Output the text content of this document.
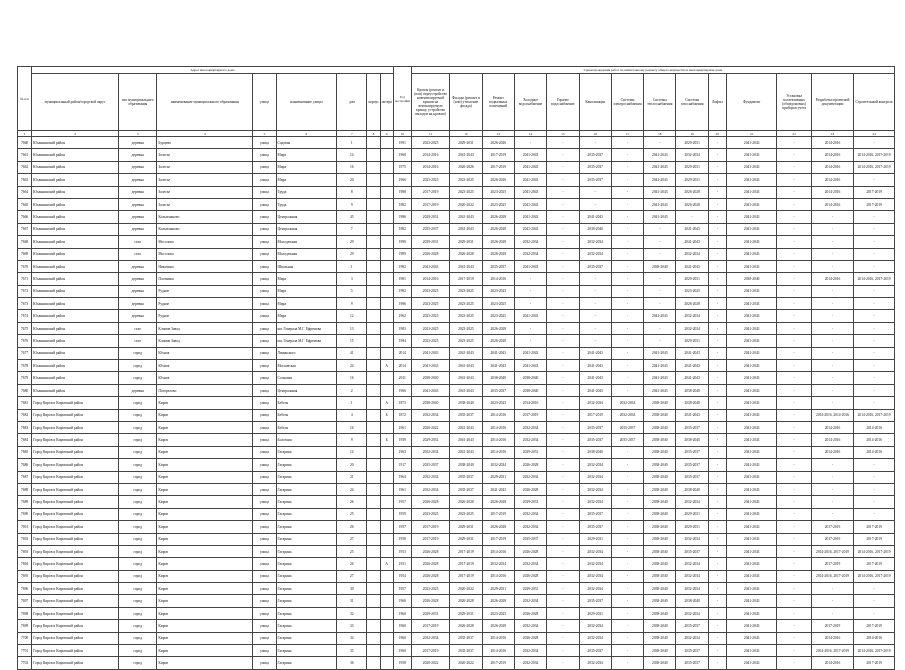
№ п/п	Адрес многоквартирного дома								Год постройки	Сроки проведения работ по капитальному ремонту общего имущества в многоквартирном доме													
	муниципальный район/городской округ	тип муниципального образования	наименование муниципального образования	улица	наименование улицы	дом	корпус	литера		Кровля (ремонт и (или) переустройство невентилируемой крыши на вентилируемую крышу, устройство выходов на кровлю)	Фасады (ремонт и (или) утепление фасада)	Ремонт подвальных помещений	Холодное водоснабжение	Горячее водоснабжение	Канализация	Системы электроснабжения	Системы теплоснабжения	Системы газоснабжения	Лифты	Фундамент	Установка коллективных (общедомовых) приборов учета	Разработка проектной документации	Строительный контроль
1	2	3	4	5	6	7	8	9	10	11	12	13	14	15	16	17	18	19	20	21	22	23	24
7660	Юханнинский район	деревня	Бурцево	улица	Садовая	1			1991	2023-2025	2029-2031	2026-2026	-	-	-	-	-	2029-2031	-	2041-2043	-	2014-2016	-
7661	Юханнинский район	деревня	Залесье	улица	Мира	14			1968	2014-2016	2041-2043	2017-2019	2041-2043	-	2035-2037	-	2041-2043	2032-2034	-	2041-2043	-	2014-2016	2014-2016, 2017-2019
7662	Юханнинский район	деревня	Залесье	улица	Мира	16			1975	2014-2016	2026-2026	2017-2019	2041-2043	-	2035-2037	-	2041-2043	2029-2031	-	2041-2043	-	2014-2016	2014-2016, 2017-2019
7663	Юханнинский район	деревня	Залесье	улица	Мира	20			1966	2023-2025	2023-2025	2026-2026	2041-2043	-	2035-2037	-	2041-2043	2029-2031	-	2041-2043	-	2014-2016	-
7664	Юханнинский район	деревня	Залесье	улица	Труда	8			1988	2017-2019	2023-2025	2023-2025	2041-2043	-	-	-	2041-2043	2026-2028	-	2041-2043	-	2014-2016	2017-2019
7665	Юханнинский район	деревня	Залесье	улица	Труда	9			1982	2017-2019	2020-2022	2023-2025	2041-2043	-	-	-	2041-2043	2026-2028	-	2041-2043	-	2014-2016	2017-2019
7666	Юханнинский район	деревня	Колыхманово	улица	Центральная	45			1986	2029-2031	2041-2043	2026-2028	2041-2043	-	2041-2043	-	2041-2043	-	-	2041-2043	-	-	-
7667	Юханнинский район	деревня	Колыхманово	улица	Центральная	7			1982	2035-2037	2041-2043	2026-2028	2041-2043	-	2038-2040	-	-	2041-2043	-	2041-2043	-	-	-
7668	Юханнинский район	село	Мосолово	улица	Молодежная	29			1990	2029-2031	2029-2031	2026-2028	2032-2034	-	2032-2034	-	-	2041-2043	-	2041-2043	-	-	-
7669	Юханнинский район	село	Мосолово	улица	Молодежная	29			1989	2026-2028	2026-2028	2026-2028	2032-2034	-	2032-2034	-	-	2032-2034	-	2041-2043	-	-	-
7670	Юханнинский район	деревня	Никитино	улица	Школьная	1			1982	2041-2043	2041-2043	2035-2037	2041-2043	-	2035-2037	-	2038-2040	2041-2043	-	2041-2043	-	-	-
7671	Юханнинский район	деревня	Плотники	улица	Мира	3			1981	2014-2016	2017-2019	2014-2016	-	-	-	-	-	2029-2031	-	2038-2040	-	2014-2016	2014-2016, 2017-2019
7672	Юханнинский район	деревня	Рудное	улица	Мира	5			1982	2023-2025	2023-2025	2023-2025	-	-	-	-	-	2023-2025	-	2041-2043	-	-	-
7673	Юханнинский район	деревня	Рудное	улица	Мира	9			1986	2023-2025	2023-2025	2023-2025	-	-	-	-	-	2026-2028	-	2041-2043	-	-	-
7674	Юханнинский район	деревня	Рудное	улица	Мира	12			1962	2023-2025	2023-2025	2023-2025	2041-2043	-	-	-	2041-2043	2032-2034	-	2041-2043	-	-	-
7675	Юханнинский район	село	Климов Завод	улица	им. Генерала М.Г. Ефремова	13			1983	2023-2025	2023-2025	2026-2028	-	-	-	-	-	2032-2034	-	2041-2043	-	-	-
7676	Юханнинский район	село	Климов Завод	улица	им. Генерала М.Г. Ефремова	15			1984	2023-2025	2023-2025	2026-2028	-	-	-	-	-	2029-2031	-	2041-2043	-	-	-
7677	Юханнинский район	город	Юхнов	улица	Ленинского	41			2014	2041-2043	2041-2043	2041-2043	2041-2043	-	2041-2043	-	2041-2043	2041-2043	-	2041-2043	-	-	-
7678	Юханнинский район	город	Юхнов	улица	Московская	24		А	2014	2041-2043	2041-2043	2041-2043	2041-2043	-	2041-2043	-	2041-2043	2041-2043	-	2041-2043	-	-	-
7679	Юханнинский район	город	Юхнов	улица	Сосновая	16			2011	2038-2040	2041-2043	2038-2040	2038-2040	-	2041-2043	-	2041-2043	2041-2043	-	2041-2043	-	-	-
7680	Юханнинский район	деревня	Погорелово	улица	Центральная	2			1966	2041-2043	2041-2043	2035-2037	2038-2040	-	2041-2043	-	2041-2043	2038-2040	-	2041-2043	-	-	-
7681	Город Киров и Кировский район	город	Киров	улица	Бебеля	1		А	1873	2038-2040	2038-2040	2023-2025	2014-2016	-	2032-2034	2032-2034	2038-2040	2038-2040	-	2041-2043	-	-	-
7682	Город Киров и Кировский район	город	Киров	улица	Бебеля	4		Б	1872	2032-2034	2035-2037	2014-2016	2017-2019	-	2017-2019	2032-2034	2038-2040	2041-2043	-	2041-2043	-	2014-2016, 2014-2016	2014-2016, 2017-2019
7683	Город Киров и Кировский район	город	Киров	улица	Бебеля	16			1961	2020-2022	2041-2043	2014-2016	2032-2034	-	2035-2037	2035-2037	2038-2040	2035-2037	-	2041-2043	-	2014-2016	2014-2016
7684	Город Киров и Кировский район	город	Киров	улица	Болотная	9		Б	1959	2029-2031	2041-2043	2014-2016	2032-2034	-	2035-2037	2035-2037	2038-2040	2038-2040	-	2041-2043	-	2014-2016	2014-2016
7685	Город Киров и Кировский район	город	Киров	улица	Гагарина	14			1963	2032-2034	2041-2043	2014-2016	2029-2031	-	2038-2040	-	2038-2040	2035-2037	-	2041-2043	-	2014-2016	2014-2016
7686	Город Киров и Кировский район	город	Киров	улица	Гагарина	20			1917	2035-2037	2038-2040	2032-2034	2026-2028	-	2032-2034	-	2038-2040	2035-2037	-	2041-2043	-	-	-
7687	Город Киров и Кировский район	город	Киров	улица	Гагарина	21			1964	2032-2034	2035-2037	2029-2031	2032-2034	-	2032-2034	-	2038-2040	2035-2037	-	2041-2043	-	-	-
7688	Город Киров и Кировский район	город	Киров	улица	Гагарина	24			1961	2032-2034	2035-2037	2041-2043	2026-2028	-	2032-2034	-	2038-2040	2038-2040	-	2041-2043	-	-	-
7689	Город Киров и Кировский район	город	Киров	улица	Гагарина	26			1957	2026-2028	2026-2028	2026-2028	2029-2031	-	2032-2034	-	2038-2040	2032-2034	-	2041-2043	-	-	-
7690	Город Киров и Кировский район	город	Киров	улица	Гагарина	25			1959	2023-2025	2023-2025	2017-2019	2032-2034	-	2035-2037	-	2038-2040	2029-2031	-	2041-2043	-	-	-
7691	Город Киров и Кировский район	город	Киров	улица	Гагарина	26			1957	2017-2019	2029-2031	2026-2028	2032-2034	-	2035-2037	-	2038-2040	2029-2031	-	2041-2043	-	2017-2019	2017-2019
7692	Город Киров и Кировский район	город	Киров	улица	Гагарина	27			1958	2017-2019	2029-2031	2017-2019	2035-2037	-	2029-2031	-	2038-2040	2032-2034	-	2041-2043	-	2017-2019	2017-2019
7693	Город Киров и Кировский район	город	Киров	улица	Гагарина	25			1953	2026-2028	2017-2019	2014-2016	2026-2028	-	2032-2034	-	2038-2040	2035-2037	-	2041-2043	-	2014-2016, 2017-2019	2014-2016, 2017-2019
7694	Город Киров и Кировский район	город	Киров	улица	Гагарина	26		А	1951	2026-2028	2017-2019	2032-2034	2032-2034	-	2032-2034	-	2038-2040	2032-2034	-	2041-2043	-	2017-2019	2017-2019
7695	Город Киров и Кировский район	город	Киров	улица	Гагарина	27			1954	2026-2028	2017-2019	2014-2016	2026-2028	-	2032-2034	-	2038-2040	2032-2034	-	2041-2043	-	2014-2016, 2017-2019	2014-2016, 2017-2019
7696	Город Киров и Кировский район	город	Киров	улица	Гагарина	30			1957	2023-2025	2020-2022	2029-2031	2029-2031	-	2032-2034	-	2038-2040	2032-2034	-	2041-2043	-	-	-
7697	Город Киров и Кировский район	город	Киров	улица	Гагарина	31			1960	2026-2028	2026-2028	2026-2028	2032-2034	-	2035-2037	-	2038-2040	2038-2040	-	2041-2043	-	-	-
7698	Город Киров и Кировский район	город	Киров	улица	Гагарина	32			1960	2029-2031	2029-2031	2023-2025	2026-2028	-	2029-2031	-	2038-2040	2032-2034	-	2041-2043	-	-	-
7699	Город Киров и Кировский район	город	Киров	улица	Гагарина	33			1960	2017-2019	2026-2028	2026-2028	2032-2034	-	2032-2034	-	2038-2040	2035-2037	-	2041-2043	-	2017-2019	2017-2019
7700	Город Киров и Кировский район	город	Киров	улица	Гагарина	34			1960	2032-2034	2035-2037	2014-2016	2026-2028	-	2032-2034	-	2038-2040	2032-2034	-	2041-2043	-	2014-2016	2014-2016
7701	Город Киров и Кировский район	город	Киров	улица	Гагарина	35			1960	2017-2019	2035-2037	2014-2016	2032-2034	-	2035-2037	-	2038-2040	2035-2037	-	2041-2043	-	2014-2016, 2017-2019	2014-2016, 2017-2019
7702	Город Киров и Кировский район	город	Киров	улица	Гагарина	36			1958	2020-2022	2020-2022	2017-2019	2032-2034	-	2032-2034	-	2038-2040	2035-2037	-	2041-2043	-	2014-2016	2017-2019
